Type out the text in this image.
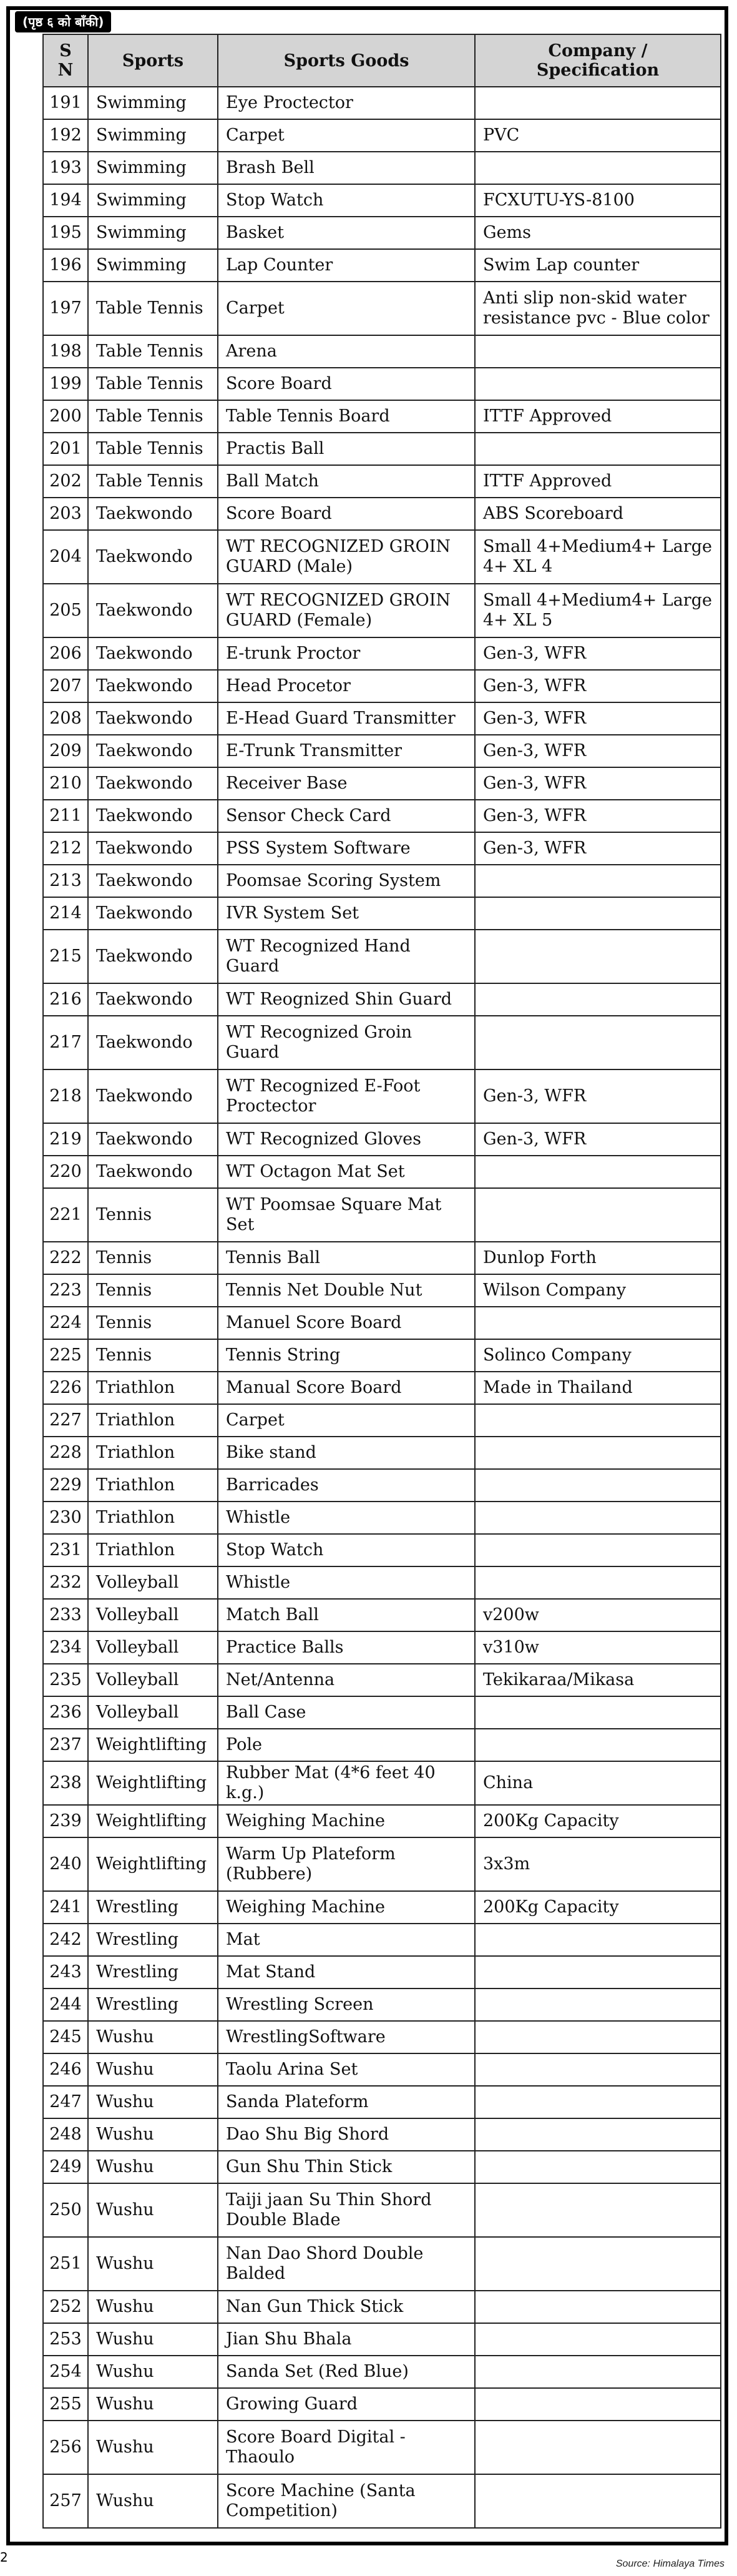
(पृष्ठ ६ को बाँकी)
S
N	Sports	Sports Goods	Company /
Specification
191	Swimming	Eye Proctector	
192	Swimming	Carpet	PVC
193	Swimming	Brash Bell	
194	Swimming	Stop Watch	FCXUTU-YS-8100
195	Swimming	Basket	Gems
196	Swimming	Lap Counter	Swim Lap counter
197	Table Tennis	Carpet	Anti slip non-skid water resistance pvc - Blue color
198	Table Tennis	Arena	
199	Table Tennis	Score Board	
200	Table Tennis	Table Tennis Board	ITTF Approved
201	Table Tennis	Practis Ball	
202	Table Tennis	Ball Match	ITTF Approved
203	Taekwondo	Score Board	ABS Scoreboard
204	Taekwondo	WT RECOGNIZED GROIN GUARD (Male)	Small 4+Medium4+ Large 4+ XL 4
205	Taekwondo	WT RECOGNIZED GROIN GUARD (Female)	Small 4+Medium4+ Large 4+ XL 5
206	Taekwondo	E-trunk Proctor	Gen-3, WFR
207	Taekwondo	Head Procetor	Gen-3, WFR
208	Taekwondo	E-Head Guard Transmitter	Gen-3, WFR
209	Taekwondo	E-Trunk Transmitter	Gen-3, WFR
210	Taekwondo	Receiver Base	Gen-3, WFR
211	Taekwondo	Sensor Check Card	Gen-3, WFR
212	Taekwondo	PSS System Software	Gen-3, WFR
213	Taekwondo	Poomsae Scoring System	
214	Taekwondo	IVR System Set	
215	Taekwondo	WT Recognized Hand Guard	
216	Taekwondo	WT Reognized Shin Guard	
217	Taekwondo	WT Recognized Groin Guard	
218	Taekwondo	WT Recognized E-Foot Proctector	Gen-3, WFR
219	Taekwondo	WT Recognized Gloves	Gen-3, WFR
220	Taekwondo	WT Octagon Mat Set	
221	Tennis	WT Poomsae Square Mat Set	
222	Tennis	Tennis Ball	Dunlop Forth
223	Tennis	Tennis Net Double Nut	Wilson Company
224	Tennis	Manuel Score Board	
225	Tennis	Tennis String	Solinco Company
226	Triathlon	Manual Score Board	Made in Thailand
227	Triathlon	Carpet	
228	Triathlon	Bike stand	
229	Triathlon	Barricades	
230	Triathlon	Whistle	
231	Triathlon	Stop Watch	
232	Volleyball	Whistle	
233	Volleyball	Match Ball	v200w
234	Volleyball	Practice Balls	v310w
235	Volleyball	Net/Antenna	Tekikaraa/Mikasa
236	Volleyball	Ball Case	
237	Weightlifting	Pole	
238	Weightlifting	Rubber Mat (4*6 feet 40 k.g.)	China
239	Weightlifting	Weighing Machine	200Kg Capacity
240	Weightlifting	Warm Up Plateform (Rubbere)	3x3m
241	Wrestling	Weighing Machine	200Kg Capacity
242	Wrestling	Mat	
243	Wrestling	Mat Stand	
244	Wrestling	Wrestling Screen	
245	Wushu	WrestlingSoftware	
246	Wushu	Taolu Arina Set	
247	Wushu	Sanda Plateform	
248	Wushu	Dao Shu Big Shord	
249	Wushu	Gun Shu Thin Stick	
250	Wushu	Taiji jaan Su Thin Shord Double Blade	
251	Wushu	Nan Dao Shord Double Balded	
252	Wushu	Nan Gun Thick Stick	
253	Wushu	Jian Shu Bhala	
254	Wushu	Sanda Set (Red Blue)	
255	Wushu	Growing Guard	
256	Wushu	Score Board Digital - Thaoulo	
257	Wushu	Score Machine (Santa Competition)	
2	Source: Himalaya Times
